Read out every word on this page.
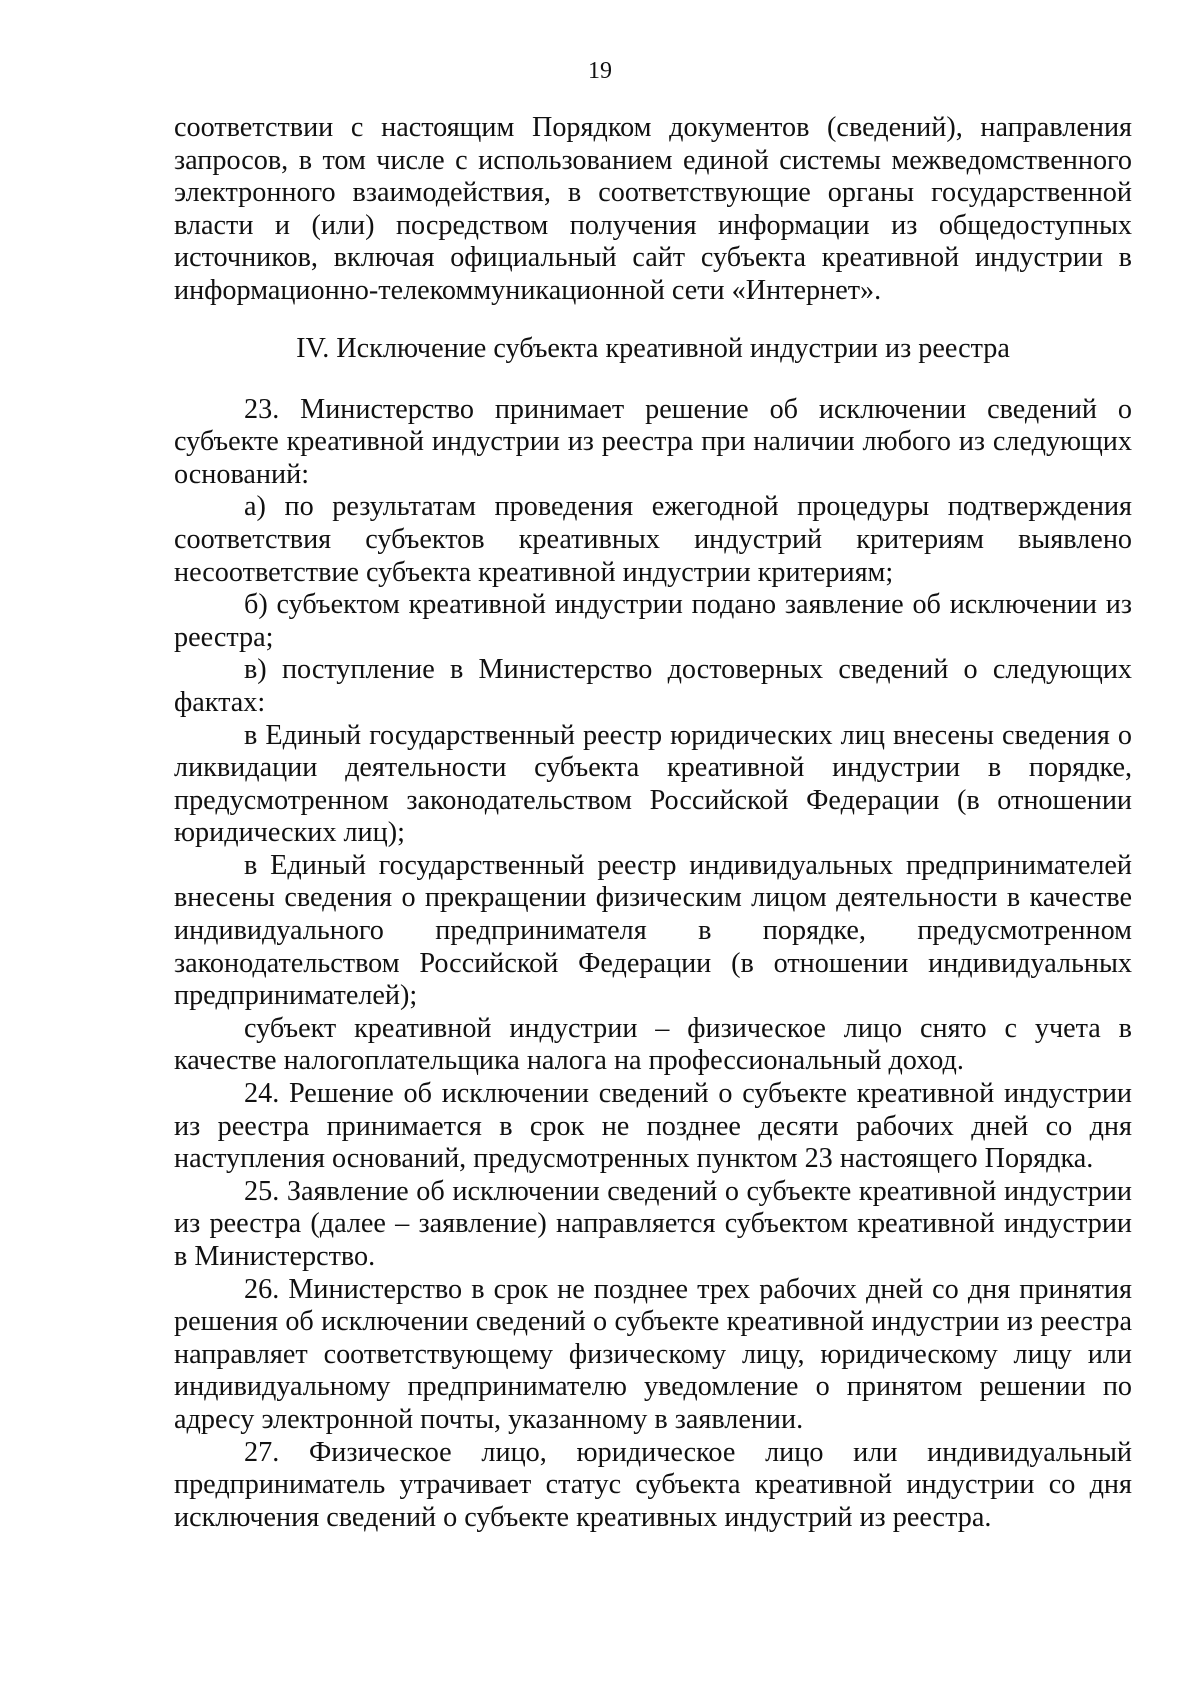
19

соответствии с настоящим Порядком документов (сведений), направления запросов, в том числе с использованием единой системы межведомственного электронного взаимодействия, в соответствующие органы государственной власти и (или) посредством получения информации из общедоступных источников, включая официальный сайт субъекта креативной индустрии в информационно-телекоммуникационной сети «Интернет».

IV. Исключение субъекта креативной индустрии из реестра

23. Министерство принимает решение об исключении сведений о субъекте креативной индустрии из реестра при наличии любого из следующих оснований:

а) по результатам проведения ежегодной процедуры подтверждения соответствия субъектов креативных индустрий критериям выявлено несоответствие субъекта креативной индустрии критериям;

б) субъектом креативной индустрии подано заявление об исключении из реестра;

в) поступление в Министерство достоверных сведений о следующих фактах:

в Единый государственный реестр юридических лиц внесены сведения о ликвидации деятельности субъекта креативной индустрии в порядке, предусмотренном законодательством Российской Федерации (в отношении юридических лиц);

в Единый государственный реестр индивидуальных предпринимателей внесены сведения о прекращении физическим лицом деятельности в качестве индивидуального предпринимателя в порядке, предусмотренном законодательством Российской Федерации (в отношении индивидуальных предпринимателей);

субъект креативной индустрии – физическое лицо снято с учета в качестве налогоплательщика налога на профессиональный доход.

24. Решение об исключении сведений о субъекте креативной индустрии из реестра принимается в срок не позднее десяти рабочих дней со дня наступления оснований, предусмотренных пунктом 23 настоящего Порядка.

25. Заявление об исключении сведений о субъекте креативной индустрии из реестра (далее – заявление) направляется субъектом креативной индустрии в Министерство.

26. Министерство в срок не позднее трех рабочих дней со дня принятия решения об исключении сведений о субъекте креативной индустрии из реестра направляет соответствующему физическому лицу, юридическому лицу или индивидуальному предпринимателю уведомление о принятом решении по адресу электронной почты, указанному в заявлении.

27. Физическое лицо, юридическое лицо или индивидуальный предприниматель утрачивает статус субъекта креативной индустрии со дня исключения сведений о субъекте креативных индустрий из реестра.
